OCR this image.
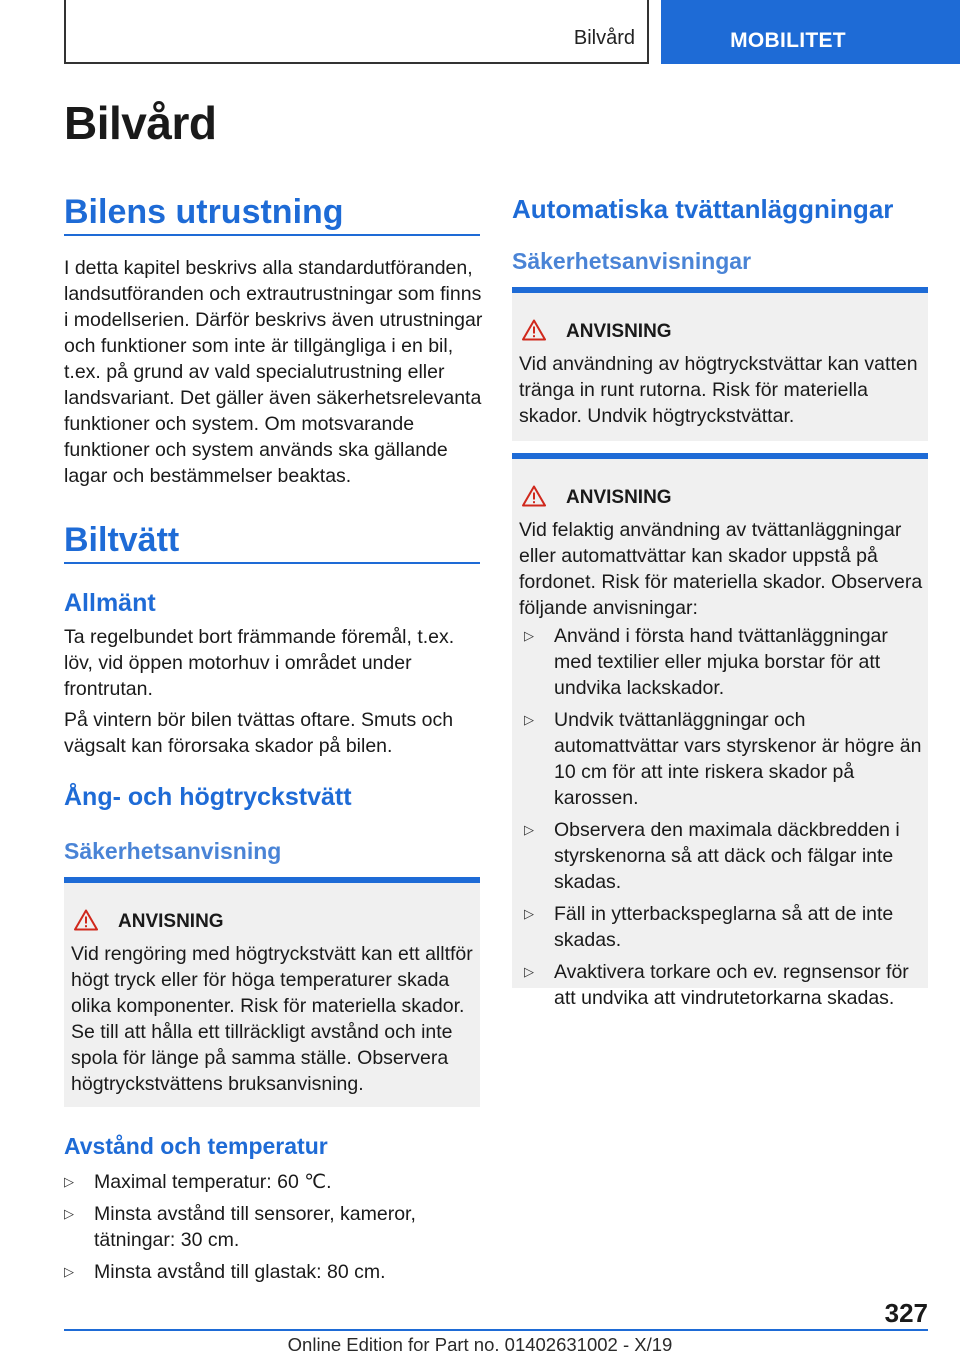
Bilvård	MOBILITET
Bilvård
Bilens utrustning
I detta kapitel beskrivs alla standardutföranden, landsutföranden och extrautrustningar som finns i modellserien. Därför beskrivs även utrustningar och funktioner som inte är tillgängliga i en bil, t.ex. på grund av vald specialutrustning eller landsvariant. Det gäller även säkerhetsrelevanta funktioner och system. Om motsvarande funktioner och system används ska gällande lagar och bestämmelser beaktas.
Biltvätt
Allmänt
Ta regelbundet bort främmande föremål, t.ex. löv, vid öppen motorhuv i området under frontrutan.
På vintern bör bilen tvättas oftare. Smuts och vägsalt kan förorsaka skador på bilen.
Ång- och högtryckstvätt
Säkerhetsanvisning
ANVISNING
Vid rengöring med högtryckstvätt kan ett alltför högt tryck eller för höga temperaturer skada olika komponenter. Risk för materiella skador. Se till att hålla ett tillräckligt avstånd och inte spola för länge på samma ställe. Observera högtryckstvättens bruksanvisning.
Avstånd och temperatur
▷ Maximal temperatur: 60 ℃.
▷ Minsta avstånd till sensorer, kameror, tätningar: 30 cm.
▷ Minsta avstånd till glastak: 80 cm.
Automatiska tvättanläggningar
Säkerhetsanvisningar
ANVISNING
Vid användning av högtryckstvättar kan vatten tränga in runt rutorna. Risk för materiella skador. Undvik högtryckstvättar.
ANVISNING
Vid felaktig användning av tvättanläggningar eller automattvättar kan skador uppstå på fordonet. Risk för materiella skador. Observera följande anvisningar:
▷ Använd i första hand tvättanläggningar med textilier eller mjuka borstar för att undvika lackskador.
▷ Undvik tvättanläggningar och automattvättar vars styrskenor är högre än 10 cm för att inte riskera skador på karossen.
▷ Observera den maximala däckbredden i styrskenorna så att däck och fälgar inte skadas.
▷ Fäll in ytterbackspeglarna så att de inte skadas.
▷ Avaktivera torkare och ev. regnsensor för att undvika att vindrutetorkarna skadas.
327
Online Edition for Part no. 01402631002 - X/19
